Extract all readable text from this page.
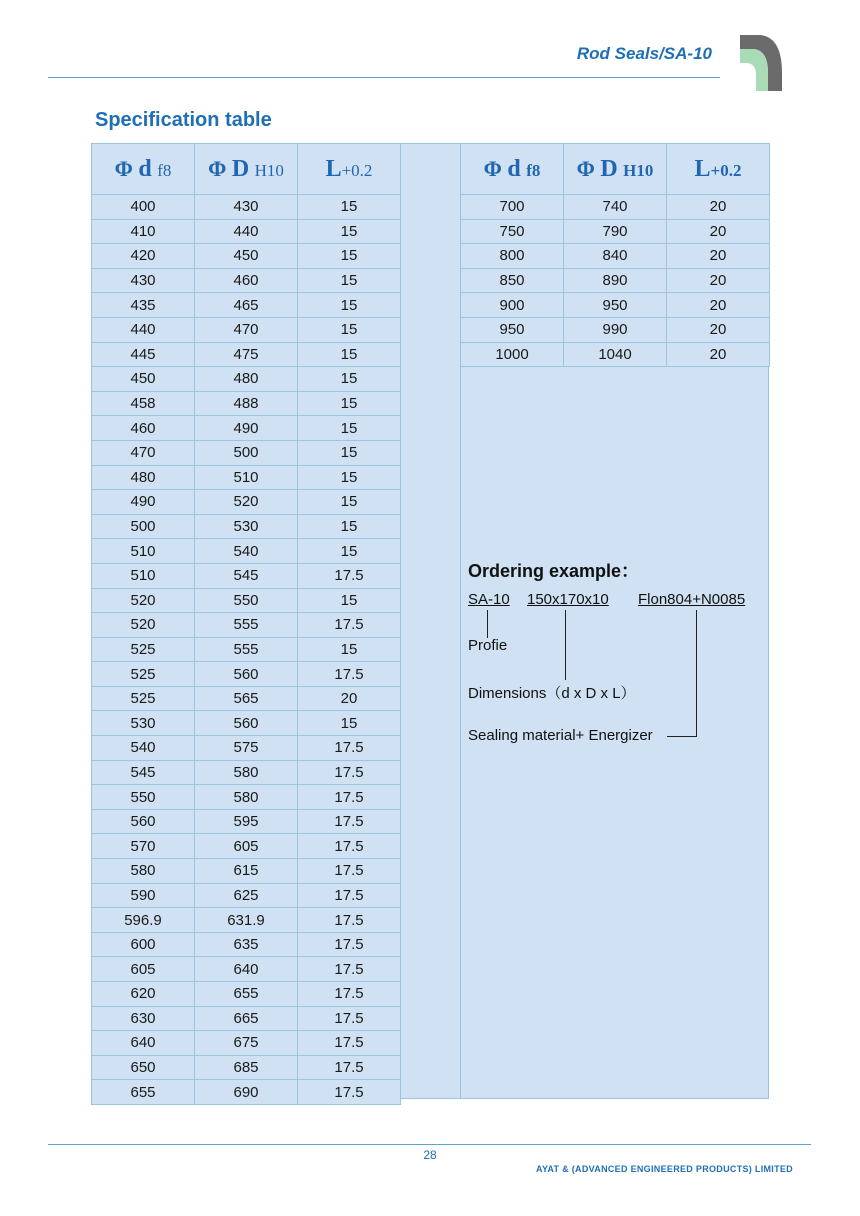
Rod Seals/SA-10
Specification table
Φ d f8	Φ D H10	L+0.2
400	430	15
410	440	15
420	450	15
430	460	15
435	465	15
440	470	15
445	475	15
450	480	15
458	488	15
460	490	15
470	500	15
480	510	15
490	520	15
500	530	15
510	540	15
510	545	17.5
520	550	15
520	555	17.5
525	555	15
525	560	17.5
525	565	20
530	560	15
540	575	17.5
545	580	17.5
550	580	17.5
560	595	17.5
570	605	17.5
580	615	17.5
590	625	17.5
596.9	631.9	17.5
600	635	17.5
605	640	17.5
620	655	17.5
630	665	17.5
640	675	17.5
650	685	17.5
655	690	17.5
Φ d f8	Φ D H10	L+0.2
700	740	20
750	790	20
800	840	20
850	890	20
900	950	20
950	990	20
1000	1040	20
Ordering example：
SA-10 150x170x10 Flon804+N0085
Profie
Dimensions（d x D x L）
Sealing material+ Energizer
28
AYAT & (ADVANCED ENGINEERED PRODUCTS) LIMITED
